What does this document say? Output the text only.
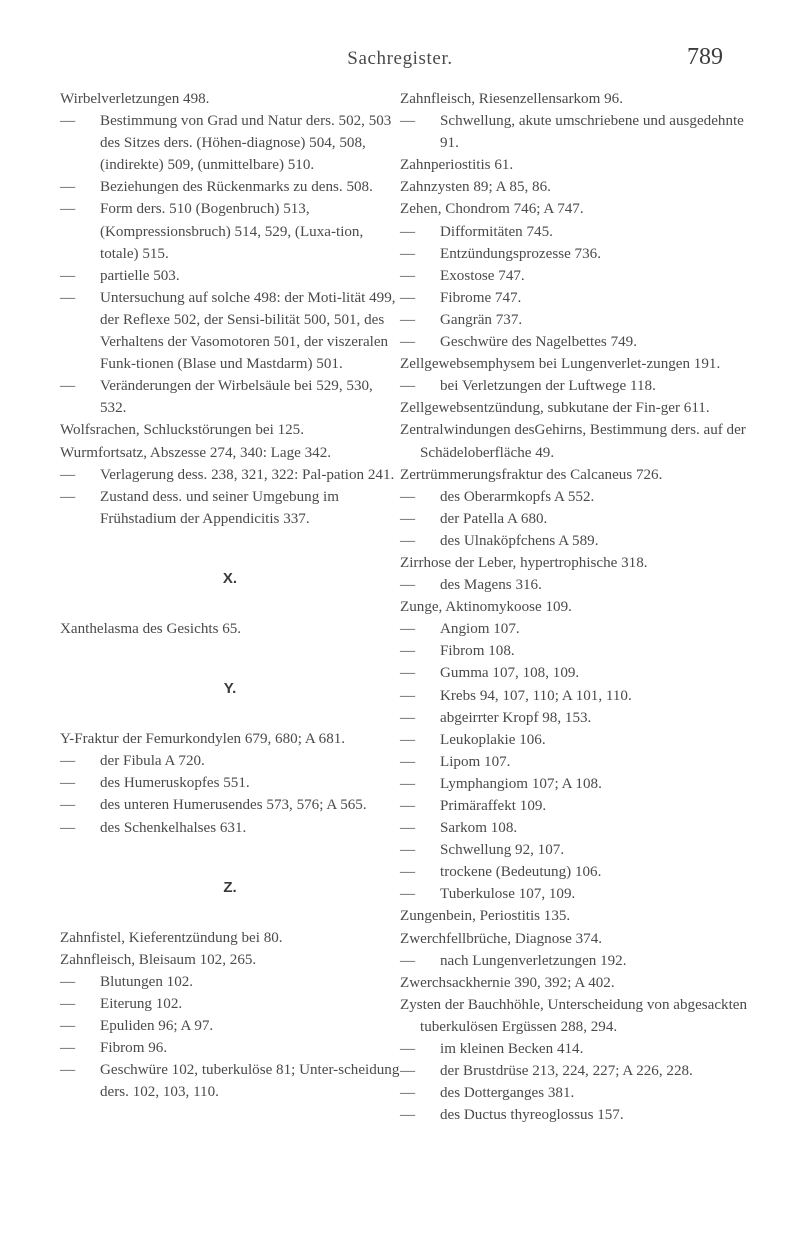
Sachregister.	789
Wirbelverletzungen 498.
— Bestimmung von Grad und Natur ders. 502, 503 des Sitzes ders. (Höhen-diagnose) 504, 508, (indirekte) 509, (unmittelbare) 510.
— Beziehungen des Rückenmarks zu dens. 508.
— Form ders. 510 (Bogenbruch) 513, (Kompressionsbruch) 514, 529, (Luxa-tion, totale) 515.
— partielle 503.
— Untersuchung auf solche 498: der Moti-lität 499, der Reflexe 502, der Sensi-bilität 500, 501, des Verhaltens der Vasomotoren 501, der viszeralen Funk-tionen (Blase und Mastdarm) 501.
— Veränderungen der Wirbelsäule bei 529, 530, 532.
Wolfsrachen, Schluckstörungen bei 125.
Wurmfortsatz, Abszesse 274, 340: Lage 342.
— Verlagerung dess. 238, 321, 322: Pal-pation 241.
— Zustand dess. und seiner Umgebung im Frühstadium der Appendicitis 337.
X.
Xanthelasma des Gesichts 65.
Y.
Y-Fraktur der Femurkondylen 679, 680; A 681.
— der Fibula A 720.
— des Humeruskopfes 551.
— des unteren Humerusendes 573, 576; A 565.
— des Schenkelhalses 631.
Z.
Zahnfistel, Kieferentzündung bei 80.
Zahnfleisch, Bleisaum 102, 265.
— Blutungen 102.
— Eiterung 102.
— Epuliden 96; A 97.
— Fibrom 96.
— Geschwüre 102, tuberkulöse 81; Unter-scheidung ders. 102, 103, 110.
Zahnfleisch, Riesenzellensarkom 96.
— Schwellung, akute umschriebene und ausgedehnte 91.
Zahnperiostitis 61.
Zahnzysten 89; A 85, 86.
Zehen, Chondrom 746; A 747.
— Difformitäten 745.
— Entzündungsprozesse 736.
— Exostose 747.
— Fibrome 747.
— Gangrän 737.
— Geschwüre des Nagelbettes 749.
Zellgewebsemphysem bei Lungenverlet-zungen 191.
— bei Verletzungen der Luftwege 118.
Zellgewebsentzündung, subkutane der Fin-ger 611.
Zentralwindungen desGehirns, Bestimmung ders. auf der Schädeloberfläche 49.
Zertrümmerungsfraktur des Calcaneus 726.
— des Oberarmkopfs A 552.
— der Patella A 680.
— des Ulnaköpfchens A 589.
Zirrhose der Leber, hypertrophische 318.
— des Magens 316.
Zunge, Aktinomykoose 109.
— Angiom 107.
— Fibrom 108.
— Gumma 107, 108, 109.
— Krebs 94, 107, 110; A 101, 110.
— abgeirrter Kropf 98, 153.
— Leukoplakie 106.
— Lipom 107.
— Lymphangiom 107; A 108.
— Primäraffekt 109.
— Sarkom 108.
— Schwellung 92, 107.
— trockene (Bedeutung) 106.
— Tuberkulose 107, 109.
Zungenbein, Periostitis 135.
Zwerchfellbrüche, Diagnose 374.
— nach Lungenverletzungen 192.
Zwerchsackhernie 390, 392; A 402.
Zysten der Bauchhöhle, Unterscheidung von abgesackten tuberkulösen Ergüssen 288, 294.
— im kleinen Becken 414.
— der Brustdrüse 213, 224, 227; A 226, 228.
— des Dotterganges 381.
— des Ductus thyreoglossus 157.
